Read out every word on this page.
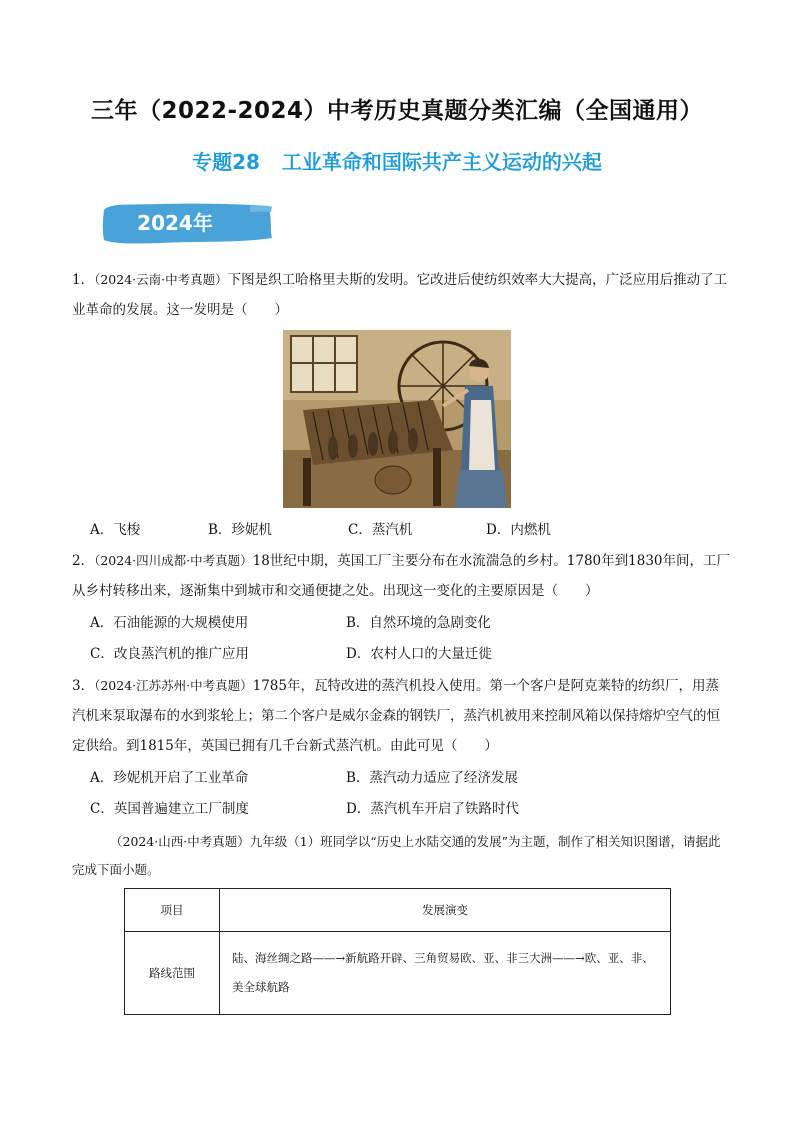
三年（2022-2024）中考历史真题分类汇编（全国通用）
专题28 工业革命和国际共产主义运动的兴起
2024年
1．（2024·云南·中考真题）下图是织工哈格里夫斯的发明。它改进后使纺织效率大大提高，广泛应用后推动了工业革命的发展。这一发明是（　　）
A．飞梭	B．珍妮机	C．蒸汽机	D．内燃机
2．（2024·四川成都·中考真题）18世纪中期，英国工厂主要分布在水流湍急的乡村。1780年到1830年间，工厂从乡村转移出来，逐渐集中到城市和交通便捷之处。出现这一变化的主要原因是（　　）
A．石油能源的大规模使用	B．自然环境的急剧变化
C．改良蒸汽机的推广应用	D．农村人口的大量迁徙
3．（2024·江苏苏州·中考真题）1785年，瓦特改进的蒸汽机投入使用。第一个客户是阿克莱特的纺织厂，用蒸汽机来泵取瀑布的水到浆轮上；第二个客户是威尔金森的钢铁厂，蒸汽机被用来控制风箱以保持熔炉空气的恒定供给。到1815年，英国已拥有几千台新式蒸汽机。由此可见（　　）
A．珍妮机开启了工业革命	B．蒸汽动力适应了经济发展
C．英国普遍建立工厂制度	D．蒸汽机车开启了铁路时代
（2024·山西·中考真题）九年级（1）班同学以“历史上水陆交通的发展”为主题，制作了相关知识图谱，请据此完成下面小题。
项目	发展演变
路线范围	陆、海丝绸之路——→新航路开辟、三角贸易欧、亚、非三大洲——→欧、亚、非、美全球航路
